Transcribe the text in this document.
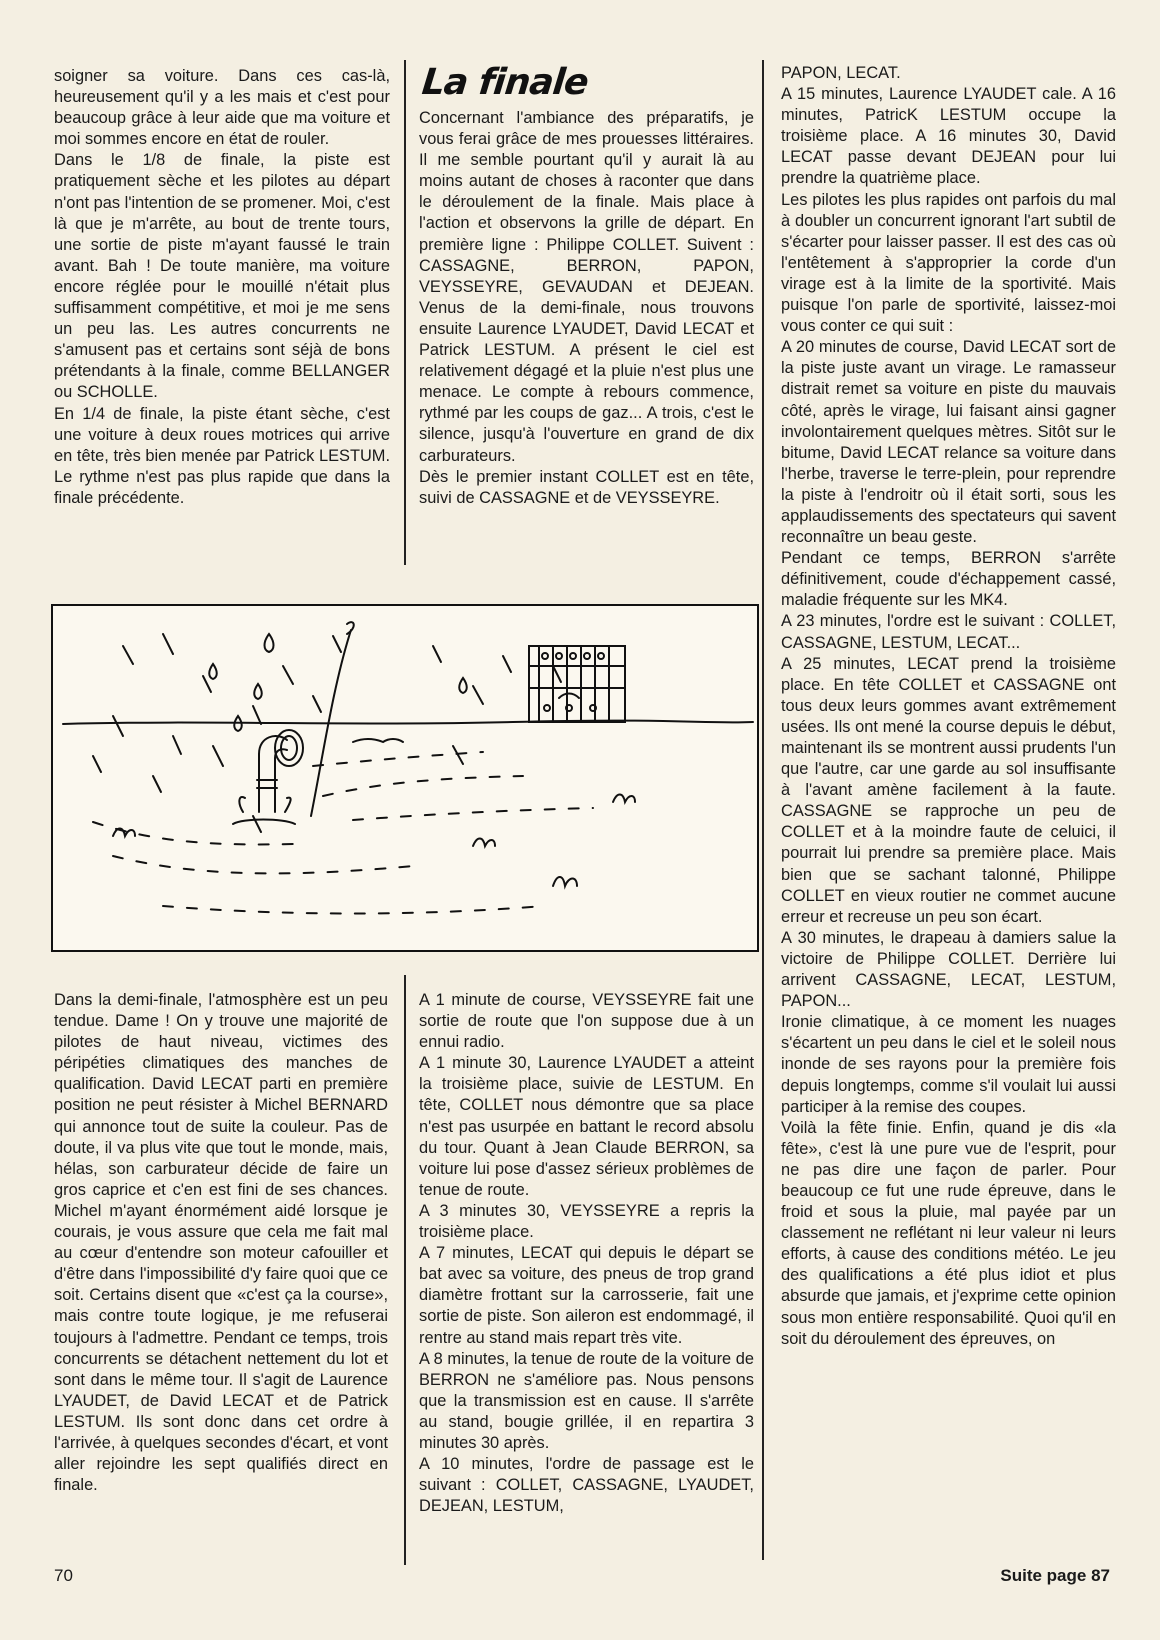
soigner sa voiture. Dans ces cas-là, heureusement qu'il y a les mais et c'est pour beaucoup grâce à leur aide que ma voiture et moi sommes encore en état de rouler.

Dans le 1/8 de finale, la piste est pratiquement sèche et les pilotes au départ n'ont pas l'intention de se promener. Moi, c'est là que je m'arrête, au bout de trente tours, une sortie de piste m'ayant faussé le train avant. Bah ! De toute manière, ma voiture encore réglée pour le mouillé n'était plus suffisamment compétitive, et moi je me sens un peu las. Les autres concurrents ne s'amusent pas et certains sont séjà de bons prétendants à la finale, comme BELLANGER ou SCHOLLE.

En 1/4 de finale, la piste étant sèche, c'est une voiture à deux roues motrices qui arrive en tête, très bien menée par Patrick LESTUM. Le rythme n'est pas plus rapide que dans la finale précédente.

La finale

Concernant l'ambiance des préparatifs, je vous ferai grâce de mes prouesses littéraires. Il me semble pourtant qu'il y aurait là au moins autant de choses à raconter que dans le déroulement de la finale. Mais place à l'action et observons la grille de départ. En première ligne : Philippe COLLET. Suivent : CASSAGNE, BERRON, PAPON, VEYSSEYRE, GEVAUDAN et DEJEAN. Venus de la demi-finale, nous trouvons ensuite Laurence LYAUDET, David LECAT et Patrick LESTUM. A présent le ciel est relativement dégagé et la pluie n'est plus une menace. Le compte à rebours commence, rythmé par les coups de gaz... A trois, c'est le silence, jusqu'à l'ouverture en grand de dix carburateurs.

Dès le premier instant COLLET est en tête, suivi de CASSAGNE et de VEYSSEYRE.

PAPON, LECAT.

A 15 minutes, Laurence LYAUDET cale. A 16 minutes, PatricK LESTUM occupe la troisième place. A 16 minutes 30, David LECAT passe devant DEJEAN pour lui prendre la quatrième place.

Les pilotes les plus rapides ont parfois du mal à doubler un concurrent ignorant l'art subtil de s'écarter pour laisser passer. Il est des cas où l'entêtement à s'approprier la corde d'un virage est à la limite de la sportivité. Mais puisque l'on parle de sportivité, laissez-moi vous conter ce qui suit :

A 20 minutes de course, David LECAT sort de la piste juste avant un virage. Le ramasseur distrait remet sa voiture en piste du mauvais côté, après le virage, lui faisant ainsi gagner involontairement quelques mètres. Sitôt sur le bitume, David LECAT relance sa voiture dans l'herbe, traverse le terre-plein, pour reprendre la piste à l'endroitr où il était sorti, sous les applaudissements des spectateurs qui savent reconnaître un beau geste.

Pendant ce temps, BERRON s'arrête définitivement, coude d'échappement cassé, maladie fréquente sur les MK4.

A 23 minutes, l'ordre est le suivant : COLLET, CASSAGNE, LESTUM, LECAT...

A 25 minutes, LECAT prend la troisième place. En tête COLLET et CASSAGNE ont tous deux leurs gommes avant extrêmement usées. Ils ont mené la course depuis le début, maintenant ils se montrent aussi prudents l'un que l'autre, car une garde au sol insuffisante à l'avant amène facilement à la faute. CASSAGNE se rapproche un peu de COLLET et à la moindre faute de celuici, il pourrait lui prendre sa première place. Mais bien que se sachant talonné, Philippe COLLET en vieux routier ne commet aucune erreur et recreuse un peu son écart.

A 30 minutes, le drapeau à damiers salue la victoire de Philippe COLLET. Derrière lui arrivent CASSAGNE, LECAT, LESTUM, PAPON...

Ironie climatique, à ce moment les nuages s'écartent un peu dans le ciel et le soleil nous inonde de ses rayons pour la première fois depuis longtemps, comme s'il voulait lui aussi participer à la remise des coupes.

Voilà la fête finie. Enfin, quand je dis «la fête», c'est là une pure vue de l'esprit, pour ne pas dire une façon de parler. Pour beaucoup ce fut une rude épreuve, dans le froid et sous la pluie, mal payée par un classement ne reflétant ni leur valeur ni leurs efforts, à cause des conditions météo. Le jeu des qualifications a été plus idiot et plus absurde que jamais, et j'exprime cette opinion sous mon entière responsabilité. Quoi qu'il en soit du déroulement des épreuves, on

Dans la demi-finale, l'atmosphère est un peu tendue. Dame ! On y trouve une majorité de pilotes de haut niveau, victimes des péripéties climatiques des manches de qualification. David LECAT parti en première position ne peut résister à Michel BERNARD qui annonce tout de suite la couleur. Pas de doute, il va plus vite que tout le monde, mais, hélas, son carburateur décide de faire un gros caprice et c'en est fini de ses chances. Michel m'ayant énormément aidé lorsque je courais, je vous assure que cela me fait mal au cœur d'entendre son moteur cafouiller et d'être dans l'impossibilité d'y faire quoi que ce soit. Certains disent que «c'est ça la course», mais contre toute logique, je me refuserai toujours à l'admettre. Pendant ce temps, trois concurrents se détachent nettement du lot et sont dans le même tour. Il s'agit de Laurence LYAUDET, de David LECAT et de Patrick LESTUM. Ils sont donc dans cet ordre à l'arrivée, à quelques secondes d'écart, et vont aller rejoindre les sept qualifiés direct en finale.

A 1 minute de course, VEYSSEYRE fait une sortie de route que l'on suppose due à un ennui radio.

A 1 minute 30, Laurence LYAUDET a atteint la troisième place, suivie de LESTUM. En tête, COLLET nous démontre que sa place n'est pas usurpée en battant le record absolu du tour. Quant à Jean Claude BERRON, sa voiture lui pose d'assez sérieux problèmes de tenue de route.

A 3 minutes 30, VEYSSEYRE a repris la troisième place.

A 7 minutes, LECAT qui depuis le départ se bat avec sa voiture, des pneus de trop grand diamètre frottant sur la carrosserie, fait une sortie de piste. Son aileron est endommagé, il rentre au stand mais repart très vite.

A 8 minutes, la tenue de route de la voiture de BERRON ne s'améliore pas. Nous pensons que la transmission est en cause. Il s'arrête au stand, bougie grillée, il en repartira 3 minutes 30 après.

A 10 minutes, l'ordre de passage est le suivant : COLLET, CASSAGNE, LYAUDET, DEJEAN, LESTUM,

70	Suite page 87
